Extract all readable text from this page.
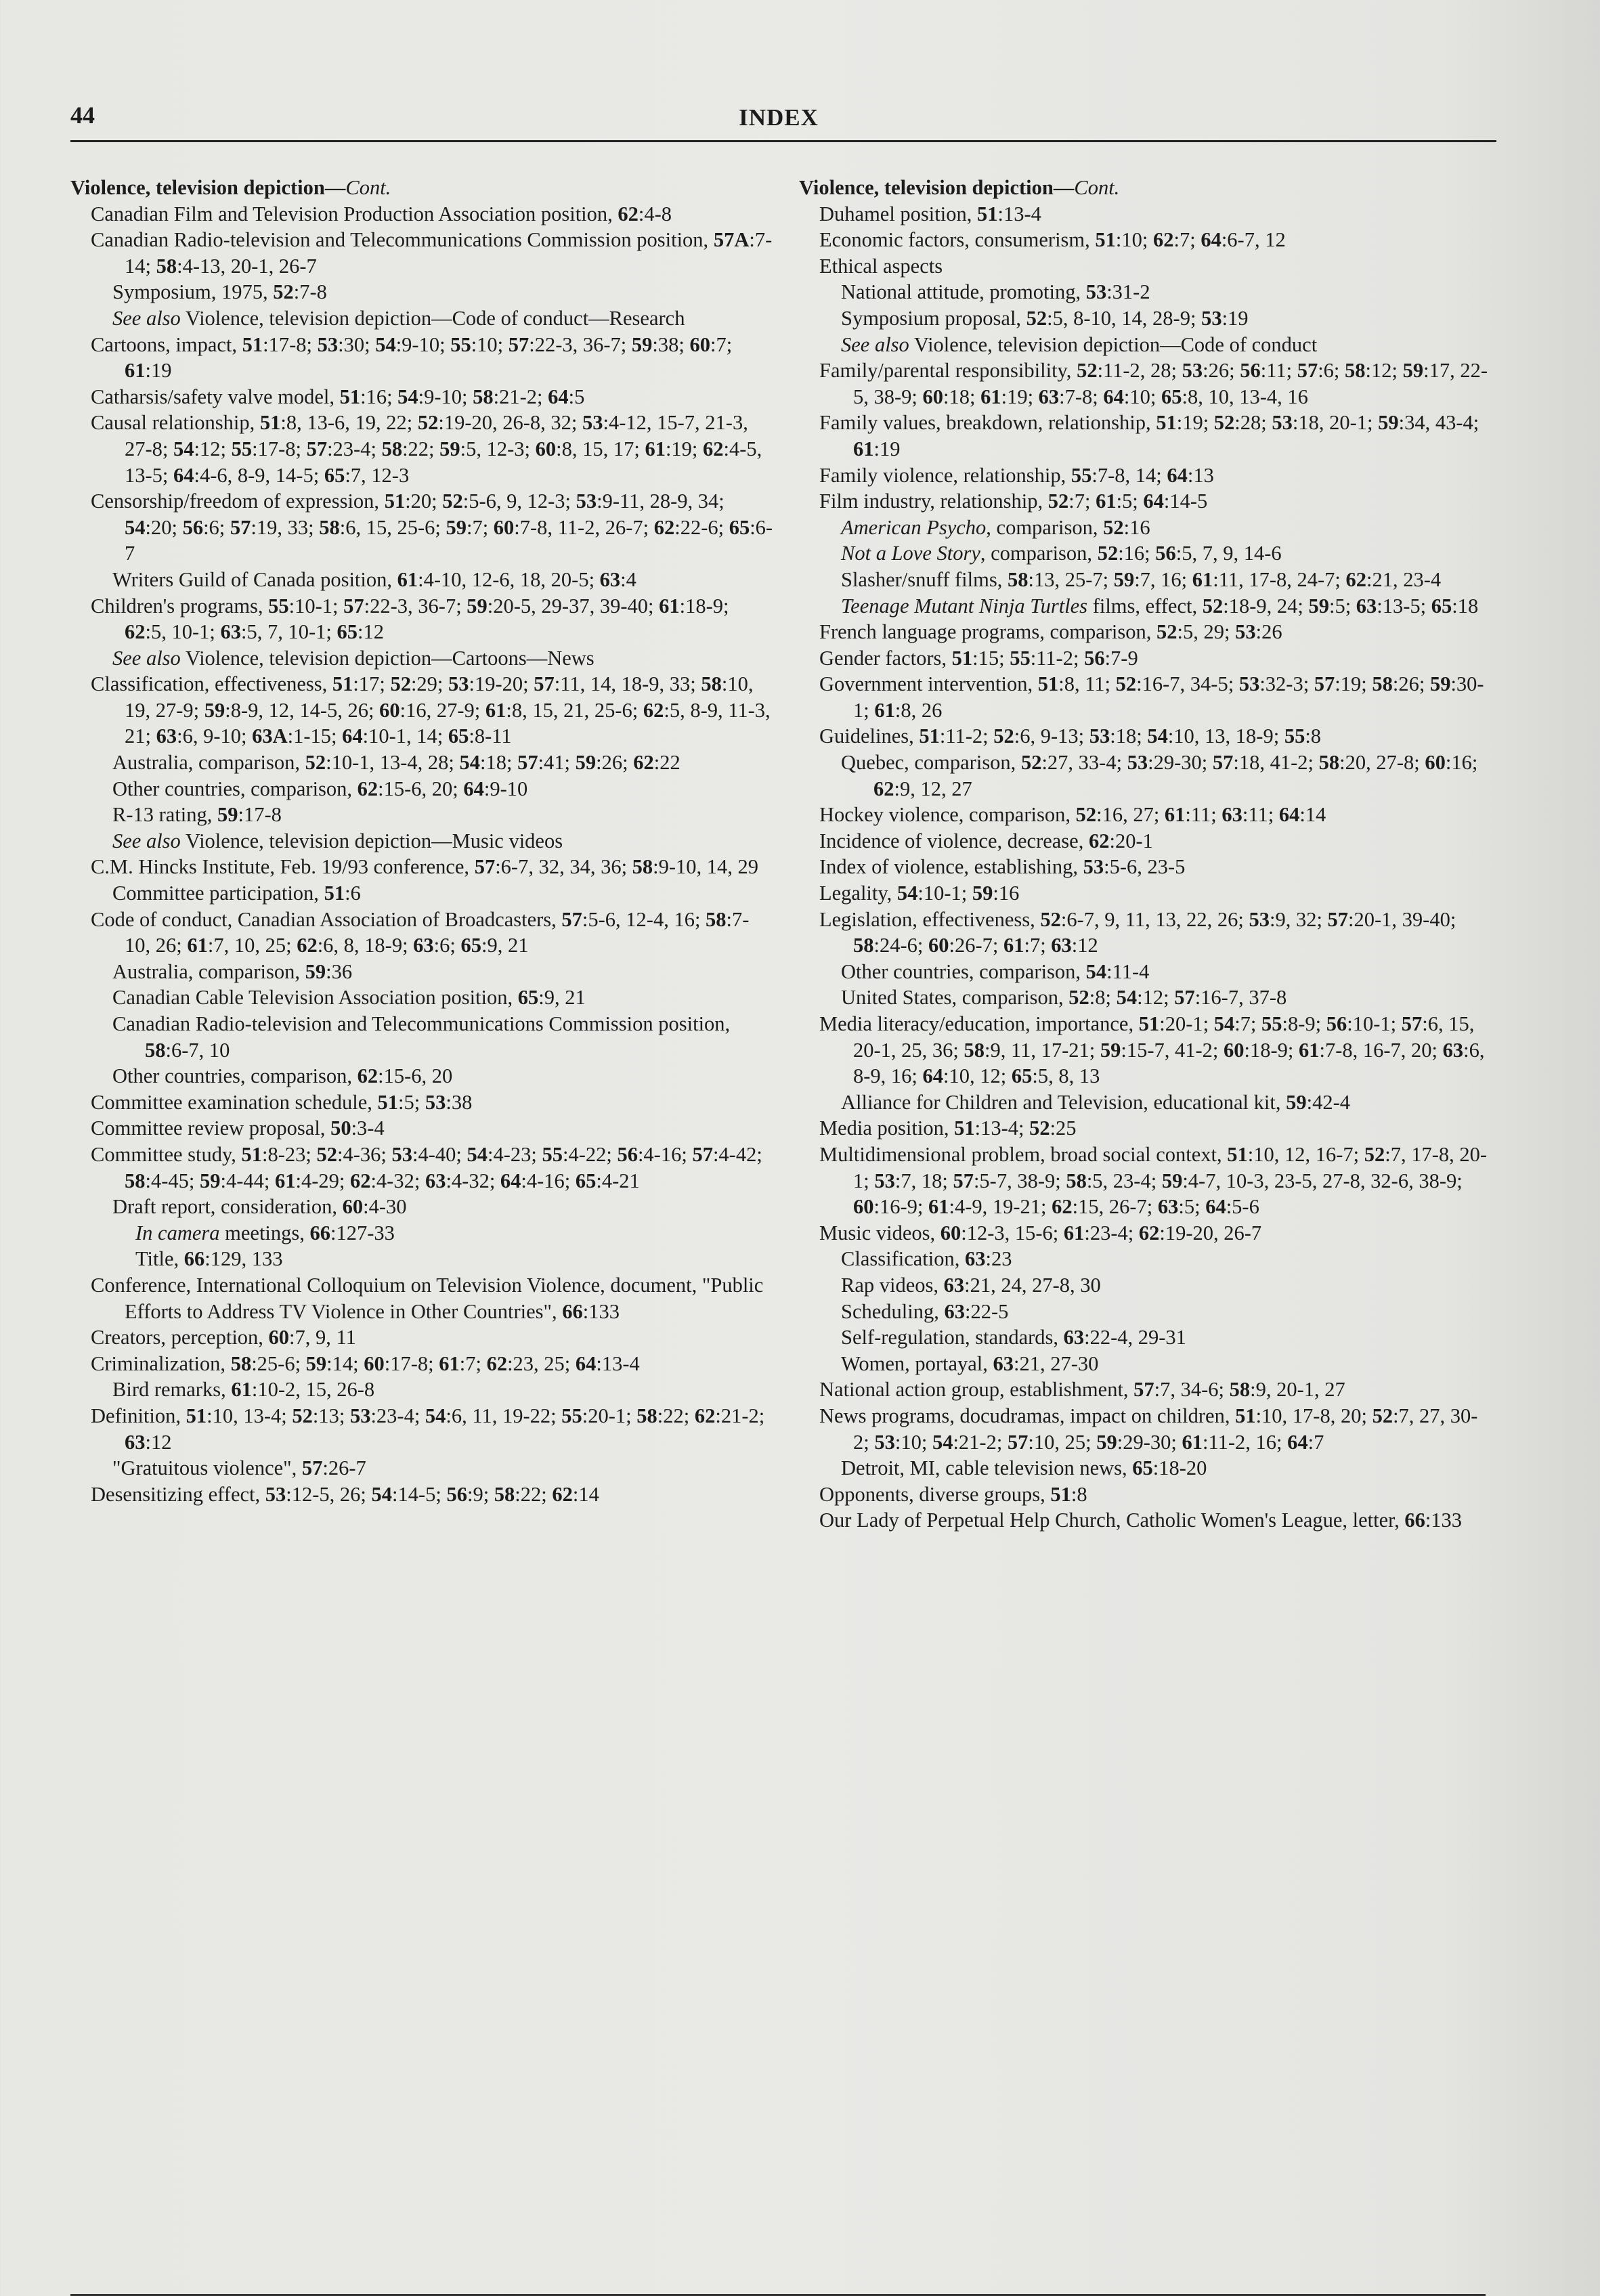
44	INDEX
Violence, television depiction—Cont.
Canadian Film and Television Production Association position, 62:4-8
Canadian Radio-television and Telecommunications Commission position, 57A:7-14; 58:4-13, 20-1, 26-7
Symposium, 1975, 52:7-8
See also Violence, television depiction—Code of conduct—Research
Cartoons, impact, 51:17-8; 53:30; 54:9-10; 55:10; 57:22-3, 36-7; 59:38; 60:7; 61:19
Catharsis/safety valve model, 51:16; 54:9-10; 58:21-2; 64:5
Causal relationship, 51:8, 13-6, 19, 22; 52:19-20, 26-8, 32; 53:4-12, 15-7, 21-3, 27-8; 54:12; 55:17-8; 57:23-4; 58:22; 59:5, 12-3; 60:8, 15, 17; 61:19; 62:4-5, 13-5; 64:4-6, 8-9, 14-5; 65:7, 12-3
Censorship/freedom of expression, 51:20; 52:5-6, 9, 12-3; 53:9-11, 28-9, 34; 54:20; 56:6; 57:19, 33; 58:6, 15, 25-6; 59:7; 60:7-8, 11-2, 26-7; 62:22-6; 65:6-7
Writers Guild of Canada position, 61:4-10, 12-6, 18, 20-5; 63:4
Children's programs, 55:10-1; 57:22-3, 36-7; 59:20-5, 29-37, 39-40; 61:18-9; 62:5, 10-1; 63:5, 7, 10-1; 65:12
See also Violence, television depiction—Cartoons—News
Classification, effectiveness, 51:17; 52:29; 53:19-20; 57:11, 14, 18-9, 33; 58:10, 19, 27-9; 59:8-9, 12, 14-5, 26; 60:16, 27-9; 61:8, 15, 21, 25-6; 62:5, 8-9, 11-3, 21; 63:6, 9-10; 63A:1-15; 64:10-1, 14; 65:8-11
Australia, comparison, 52:10-1, 13-4, 28; 54:18; 57:41; 59:26; 62:22
Other countries, comparison, 62:15-6, 20; 64:9-10
R-13 rating, 59:17-8
See also Violence, television depiction—Music videos
C.M. Hincks Institute, Feb. 19/93 conference, 57:6-7, 32, 34, 36; 58:9-10, 14, 29
Committee participation, 51:6
Code of conduct, Canadian Association of Broadcasters, 57:5-6, 12-4, 16; 58:7-10, 26; 61:7, 10, 25; 62:6, 8, 18-9; 63:6; 65:9, 21
Australia, comparison, 59:36
Canadian Cable Television Association position, 65:9, 21
Canadian Radio-television and Telecommunications Commission position, 58:6-7, 10
Other countries, comparison, 62:15-6, 20
Committee examination schedule, 51:5; 53:38
Committee review proposal, 50:3-4
Committee study, 51:8-23; 52:4-36; 53:4-40; 54:4-23; 55:4-22; 56:4-16; 57:4-42; 58:4-45; 59:4-44; 61:4-29; 62:4-32; 63:4-32; 64:4-16; 65:4-21
Draft report, consideration, 60:4-30
In camera meetings, 66:127-33
Title, 66:129, 133
Conference, International Colloquium on Television Violence, document, "Public Efforts to Address TV Violence in Other Countries", 66:133
Creators, perception, 60:7, 9, 11
Criminalization, 58:25-6; 59:14; 60:17-8; 61:7; 62:23, 25; 64:13-4
Bird remarks, 61:10-2, 15, 26-8
Definition, 51:10, 13-4; 52:13; 53:23-4; 54:6, 11, 19-22; 55:20-1; 58:22; 62:21-2; 63:12
"Gratuitous violence", 57:26-7
Desensitizing effect, 53:12-5, 26; 54:14-5; 56:9; 58:22; 62:14
Violence, television depiction—Cont.
Duhamel position, 51:13-4
Economic factors, consumerism, 51:10; 62:7; 64:6-7, 12
Ethical aspects
National attitude, promoting, 53:31-2
Symposium proposal, 52:5, 8-10, 14, 28-9; 53:19
See also Violence, television depiction—Code of conduct
Family/parental responsibility, 52:11-2, 28; 53:26; 56:11; 57:6; 58:12; 59:17, 22-5, 38-9; 60:18; 61:19; 63:7-8; 64:10; 65:8, 10, 13-4, 16
Family values, breakdown, relationship, 51:19; 52:28; 53:18, 20-1; 59:34, 43-4; 61:19
Family violence, relationship, 55:7-8, 14; 64:13
Film industry, relationship, 52:7; 61:5; 64:14-5
American Psycho, comparison, 52:16
Not a Love Story, comparison, 52:16; 56:5, 7, 9, 14-6
Slasher/snuff films, 58:13, 25-7; 59:7, 16; 61:11, 17-8, 24-7; 62:21, 23-4
Teenage Mutant Ninja Turtles films, effect, 52:18-9, 24; 59:5; 63:13-5; 65:18
French language programs, comparison, 52:5, 29; 53:26
Gender factors, 51:15; 55:11-2; 56:7-9
Government intervention, 51:8, 11; 52:16-7, 34-5; 53:32-3; 57:19; 58:26; 59:30-1; 61:8, 26
Guidelines, 51:11-2; 52:6, 9-13; 53:18; 54:10, 13, 18-9; 55:8
Quebec, comparison, 52:27, 33-4; 53:29-30; 57:18, 41-2; 58:20, 27-8; 60:16; 62:9, 12, 27
Hockey violence, comparison, 52:16, 27; 61:11; 63:11; 64:14
Incidence of violence, decrease, 62:20-1
Index of violence, establishing, 53:5-6, 23-5
Legality, 54:10-1; 59:16
Legislation, effectiveness, 52:6-7, 9, 11, 13, 22, 26; 53:9, 32; 57:20-1, 39-40; 58:24-6; 60:26-7; 61:7; 63:12
Other countries, comparison, 54:11-4
United States, comparison, 52:8; 54:12; 57:16-7, 37-8
Media literacy/education, importance, 51:20-1; 54:7; 55:8-9; 56:10-1; 57:6, 15, 20-1, 25, 36; 58:9, 11, 17-21; 59:15-7, 41-2; 60:18-9; 61:7-8, 16-7, 20; 63:6, 8-9, 16; 64:10, 12; 65:5, 8, 13
Alliance for Children and Television, educational kit, 59:42-4
Media position, 51:13-4; 52:25
Multidimensional problem, broad social context, 51:10, 12, 16-7; 52:7, 17-8, 20-1; 53:7, 18; 57:5-7, 38-9; 58:5, 23-4; 59:4-7, 10-3, 23-5, 27-8, 32-6, 38-9; 60:16-9; 61:4-9, 19-21; 62:15, 26-7; 63:5; 64:5-6
Music videos, 60:12-3, 15-6; 61:23-4; 62:19-20, 26-7
Classification, 63:23
Rap videos, 63:21, 24, 27-8, 30
Scheduling, 63:22-5
Self-regulation, standards, 63:22-4, 29-31
Women, portayal, 63:21, 27-30
National action group, establishment, 57:7, 34-6; 58:9, 20-1, 27
News programs, docudramas, impact on children, 51:10, 17-8, 20; 52:7, 27, 30-2; 53:10; 54:21-2; 57:10, 25; 59:29-30; 61:11-2, 16; 64:7
Detroit, MI, cable television news, 65:18-20
Opponents, diverse groups, 51:8
Our Lady of Perpetual Help Church, Catholic Women's League, letter, 66:133
